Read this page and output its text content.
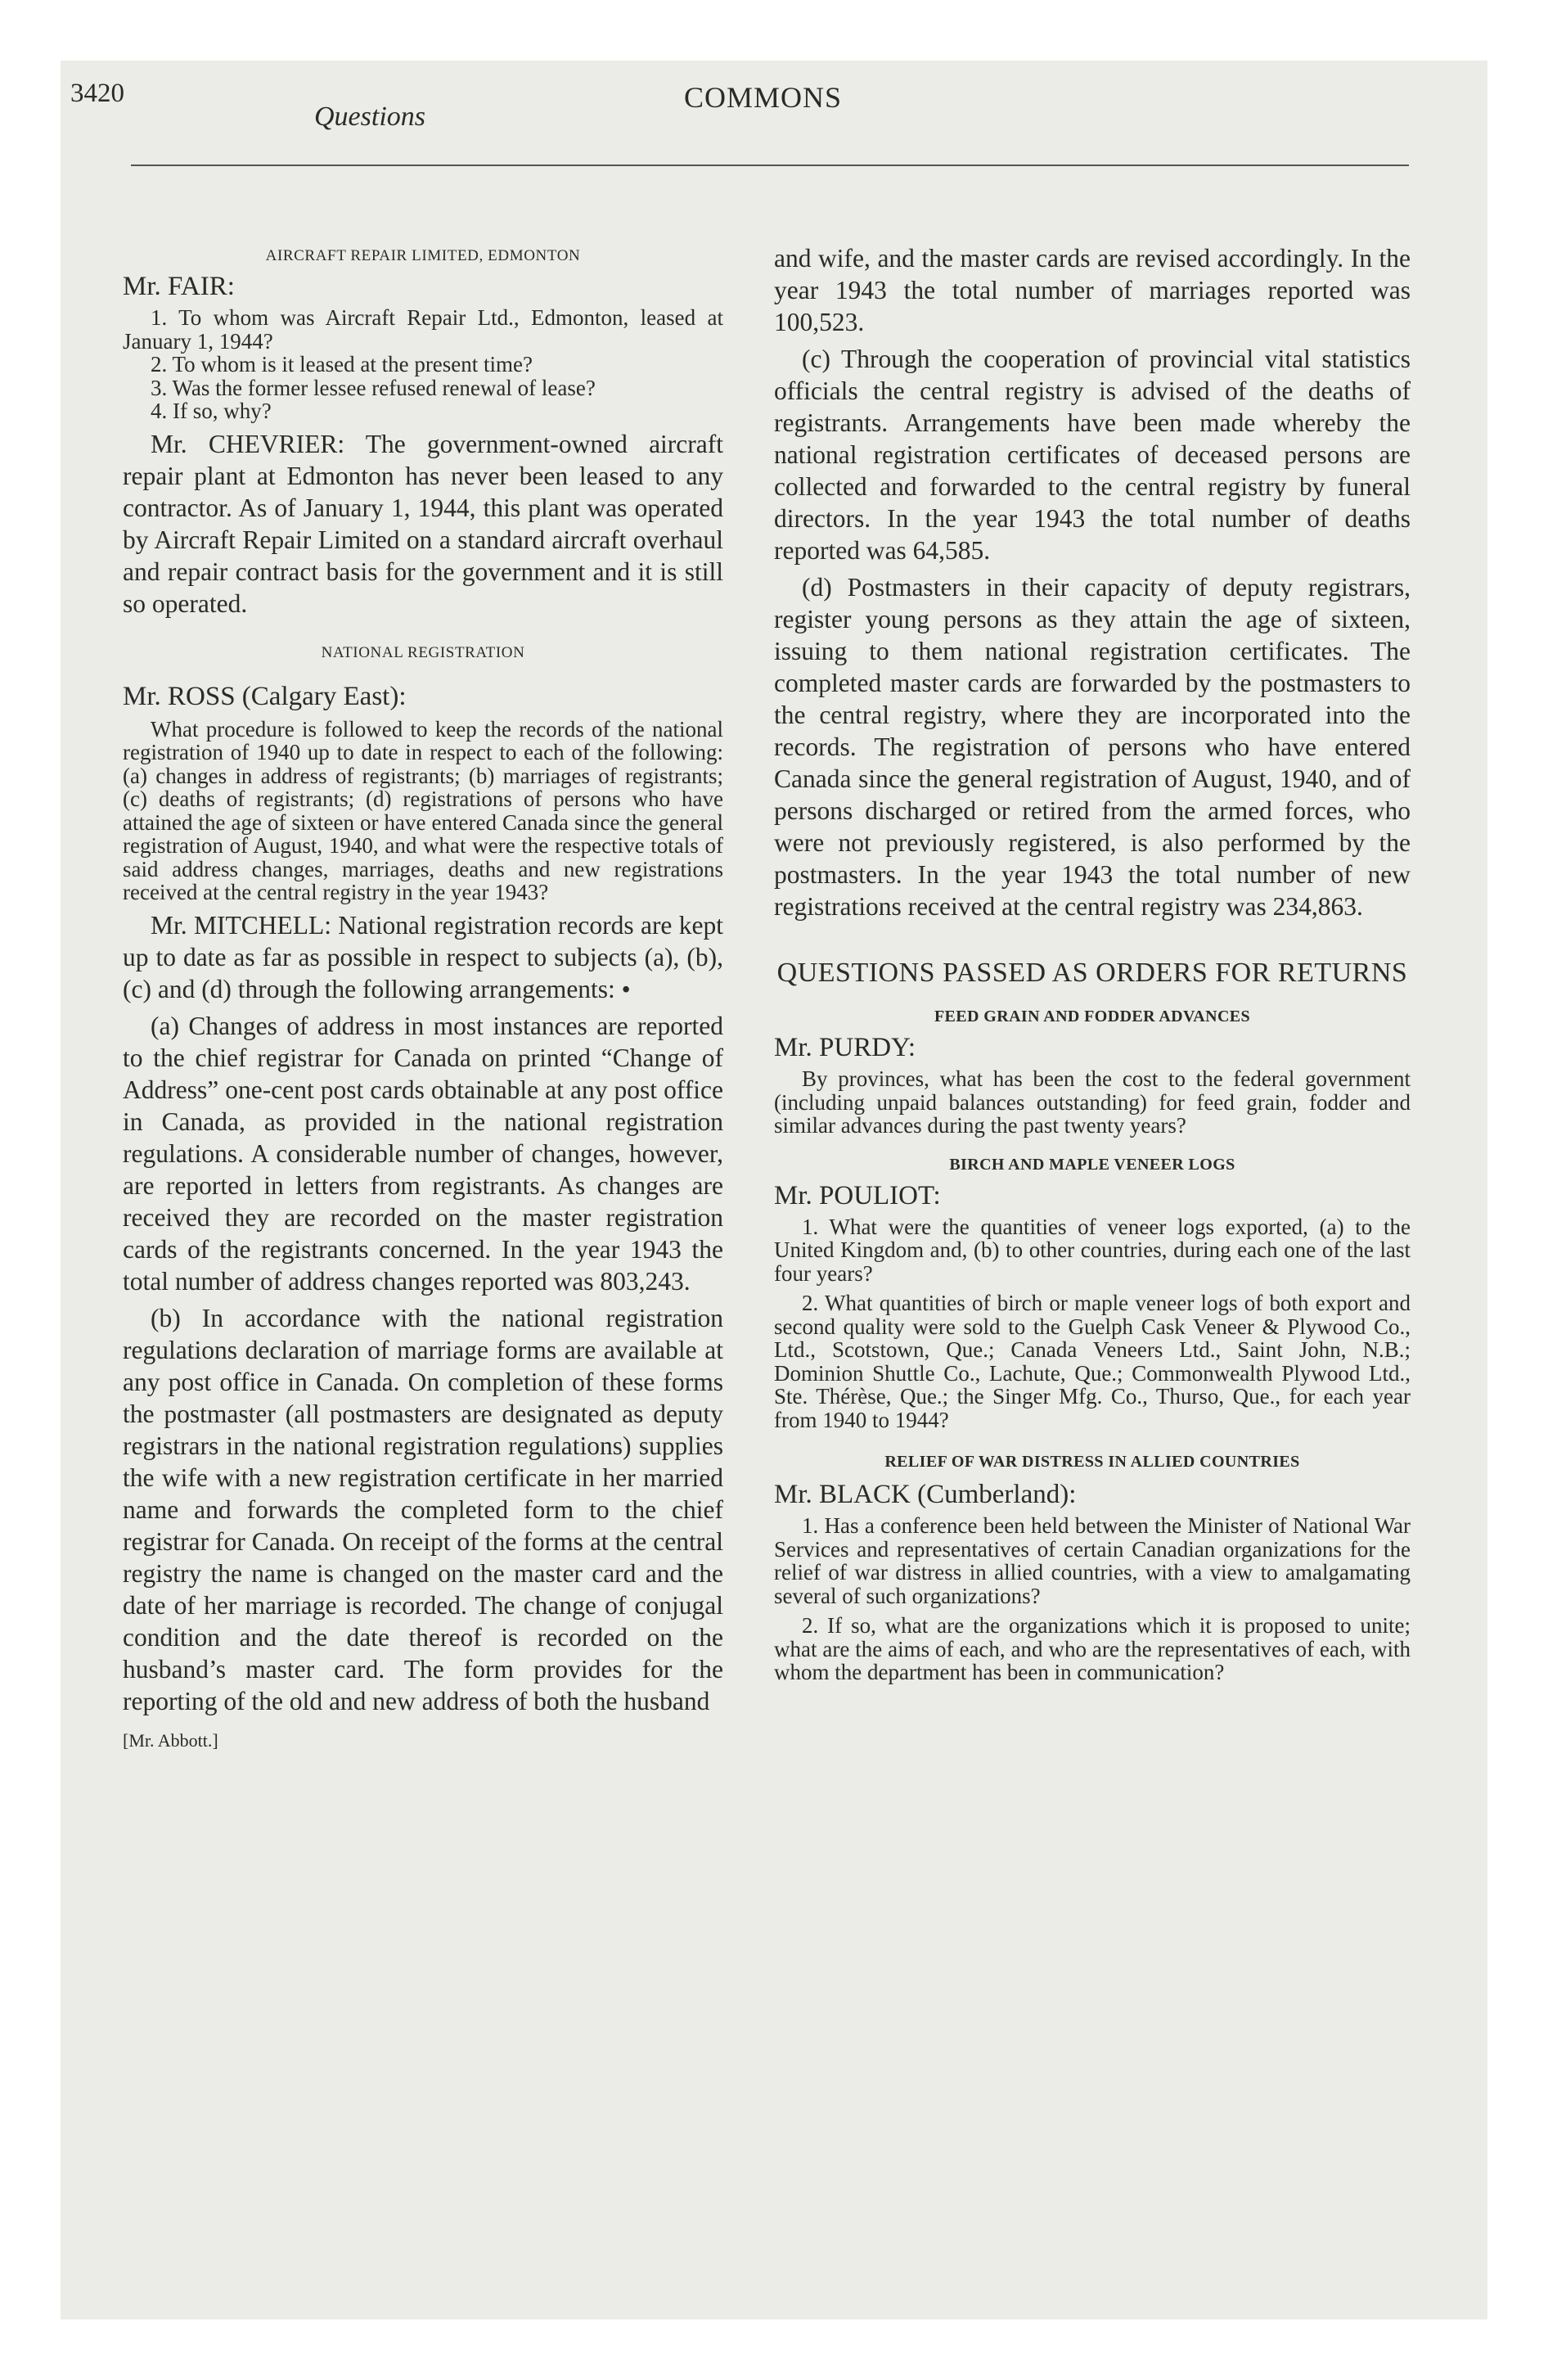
3420
Questions
COMMONS

AIRCRAFT REPAIR LIMITED, EDMONTON

Mr. FAIR:

1. To whom was Aircraft Repair Ltd., Edmonton, leased at January 1, 1944?

2. To whom is it leased at the present time?

3. Was the former lessee refused renewal of lease?

4. If so, why?

Mr. CHEVRIER: The government-owned aircraft repair plant at Edmonton has never been leased to any contractor. As of January 1, 1944, this plant was operated by Aircraft Repair Limited on a standard aircraft overhaul and repair contract basis for the government and it is still so operated.

NATIONAL REGISTRATION

Mr. ROSS (Calgary East):

What procedure is followed to keep the records of the national registration of 1940 up to date in respect to each of the following: (a) changes in address of registrants; (b) marriages of registrants; (c) deaths of registrants; (d) registrations of persons who have attained the age of sixteen or have entered Canada since the general registration of August, 1940, and what were the respective totals of said address changes, marriages, deaths and new registrations received at the central registry in the year 1943?

Mr. MITCHELL: National registration records are kept up to date as far as possible in respect to subjects (a), (b), (c) and (d) through the following arrangements: •

(a) Changes of address in most instances are reported to the chief registrar for Canada on printed “Change of Address” one-cent post cards obtainable at any post office in Canada, as provided in the national registration regulations. A considerable number of changes, however, are reported in letters from registrants. As changes are received they are recorded on the master registration cards of the registrants concerned. In the year 1943 the total number of address changes reported was 803,243.

(b) In accordance with the national registration regulations declaration of marriage forms are available at any post office in Canada. On completion of these forms the postmaster (all postmasters are designated as deputy registrars in the national registration regulations) supplies the wife with a new registration certificate in her married name and forwards the completed form to the chief registrar for Canada. On receipt of the forms at the central registry the name is changed on the master card and the date of her marriage is recorded. The change of conjugal condition and the date thereof is recorded on the husband’s master card. The form provides for the reporting of the old and new address of both the husband

[Mr. Abbott.]

and wife, and the master cards are revised accordingly. In the year 1943 the total number of marriages reported was 100,523.

(c) Through the cooperation of provincial vital statistics officials the central registry is advised of the deaths of registrants. Arrangements have been made whereby the national registration certificates of deceased persons are collected and forwarded to the central registry by funeral directors. In the year 1943 the total number of deaths reported was 64,585.

(d) Postmasters in their capacity of deputy registrars, register young persons as they attain the age of sixteen, issuing to them national registration certificates. The completed master cards are forwarded by the postmasters to the central registry, where they are incorporated into the records. The registration of persons who have entered Canada since the general registration of August, 1940, and of persons discharged or retired from the armed forces, who were not previously registered, is also performed by the postmasters. In the year 1943 the total number of new registrations received at the central registry was 234,863.

QUESTIONS PASSED AS ORDERS FOR RETURNS

FEED GRAIN AND FODDER ADVANCES

Mr. PURDY:

By provinces, what has been the cost to the federal government (including unpaid balances outstanding) for feed grain, fodder and similar advances during the past twenty years?

BIRCH AND MAPLE VENEER LOGS

Mr. POULIOT:

1. What were the quantities of veneer logs exported, (a) to the United Kingdom and, (b) to other countries, during each one of the last four years?

2. What quantities of birch or maple veneer logs of both export and second quality were sold to the Guelph Cask Veneer & Plywood Co., Ltd., Scotstown, Que.; Canada Veneers Ltd., Saint John, N.B.; Dominion Shuttle Co., Lachute, Que.; Commonwealth Plywood Ltd., Ste. Thérèse, Que.; the Singer Mfg. Co., Thurso, Que., for each year from 1940 to 1944?

RELIEF OF WAR DISTRESS IN ALLIED COUNTRIES

Mr. BLACK (Cumberland):

1. Has a conference been held between the Minister of National War Services and representatives of certain Canadian organizations for the relief of war distress in allied countries, with a view to amalgamating several of such organizations?

2. If so, what are the organizations which it is proposed to unite; what are the aims of each, and who are the representatives of each, with whom the department has been in communication?
